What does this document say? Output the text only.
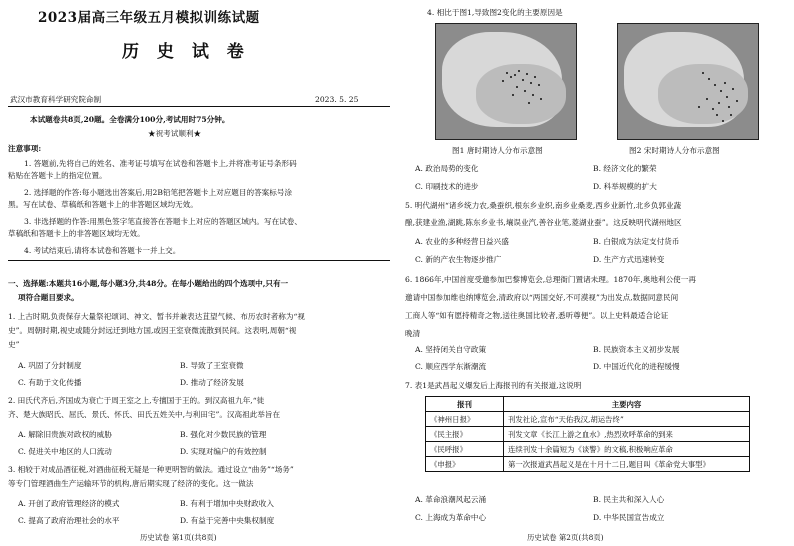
2023届高三年级五月模拟训练试题
历 史 试 卷
武汉市教育科学研究院命制	2023. 5. 25
本试题卷共8页,20题。全卷满分100分,考试用时75分钟。
★祝考试顺利★
注意事项:
1. 答题前,先将自己的姓名、准考证号填写在试卷和答题卡上,并将准考证号条形码
粘贴在答题卡上的指定位置。
2. 选择题的作答:每小题选出答案后,用2B铅笔把答题卡上对应题目的答案标号涂
黑。写在试卷、草稿纸和答题卡上的非答题区域均无效。
3. 非选择题的作答:用黑色签字笔直接答在答题卡上对应的答题区域内。写在试卷、
草稿纸和答题卡上的非答题区域均无效。
4. 考试结束后,请将本试卷和答题卡一并上交。
一、选择题:本题共16小题,每小题3分,共48分。在每小题给出的四个选项中,只有一
项符合题目要求。
1. 上古时期,负责保存大量祭祀颂词、神文、暂书并兼表达苴望气候、布历农时者称为“视
史”。周朝时期,视史或随分封远迁到地方国,或因王室衰微流散到民间。这表明,周朝“视
史”
A. 巩固了分封制度	B. 导致了王室衰微
C. 有助于文化传播	D. 推动了经济发展
2. 田氏代齐后,齐国成为衰亡于周王室之上,专擅国于王的。到汉高祖九年,“徙
齐、楚大族昭氏、屈氏、景氏、怀氏、田氏五姓关中,与利田宅”。汉高祖此举旨在
A. 解除旧贵族对政权的威胁	B. 强化对少数民族的管理
C. 促进关中地区的人口流动	D. 实现对编户的有效控制
3. 相较于对成品酒征税,对酒曲征税无疑是一种更明智的做法。通过设立“曲务”“场务”
等专门管理酒曲生产运输环节的机构,唐后期实现了经济的变化。这一做法
A. 开创了政府管理经济的模式	B. 有利于增加中央财政收入
C. 提高了政府治理社会的水平	D. 有益于完善中央集权制度
历史试卷 第1页(共8页)
4. 相比于图1,导致图2变化的主要原因是
图1 唐时期诗人分布示意图	图2 宋时期诗人分布示意图
A. 政治局势的变化	B. 经济文化的繁荣
C. 印刷技术的进步	D. 科举规模的扩大
5. 明代湖州“诸乡统力农,桑蚕织,根东乡业织,南乡业桑麦,西乡业新竹,北乡负郭业蔬
酿,获建业渔,湖跳,陈东乡业书,壤误业汽,善谷业笔,菱湖业蚕”。这反映明代湖州地区
A. 农业的多种经营日益兴盛	B. 白银成为法定支付货币
C. 新的产农生物逐步推广	D. 生产方式迅速转变
6. 1866年,中国首度受邀参加巴黎博览会,总理衙门置诸未理。1870年,奥地利公使一再
邀请中国参加维也纳博览会,清政府以“两国交好,不可漠视”为出发点,数据同意民间
工商人等“如有愿持精奇之物,送往奥国比较者,悉听尊便”。以上史料最适合论证
晚清
A. 坚持闭关自守政策	B. 民族资本主义初步发展
C. 顺应西学东渐潮流	D. 中国近代化的进程缓慢
7. 表1是武昌起义爆发后上海报刊的有关报道,这说明
报刊	主要内容
《神州日报》	刊发社论,宣布“天佑我汉,胡运告终”
《民主报》	刊发文章《长江上游之血水》,热烈欢呼革命的到来
《民呼报》	连续刊发十余篇短为《谈警》的文稿,积极响应革命
《申报》	第一次报道武昌起义是在十月十二日,题目叫《革命党大事型》
A. 革命浪潮风起云涌	B. 民主共和深入人心
C. 上海成为革命中心	D. 中华民国宣告成立
历史试卷 第2页(共8页)
